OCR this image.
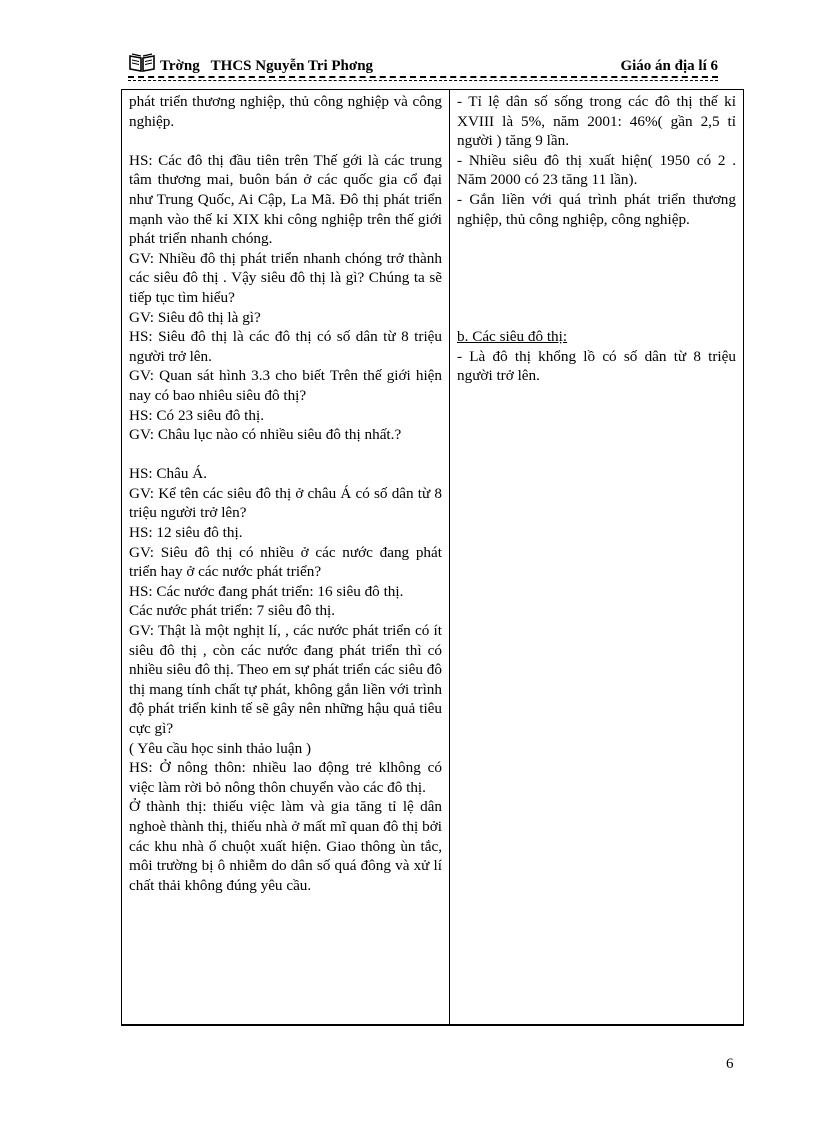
Trờng   THCS Nguyễn Tri Phơng	Giáo án địa lí 6

phát triển thương nghiệp, thủ công nghiệp và công nghiệp.

HS: Các đô thị đầu tiên trên Thế gới là các trung tâm thương mai, buôn bán ở các quốc gia cổ đại như Trung Quốc, Ai Cập, La Mã. Đô thị phát triển mạnh vào thế kỉ XIX khi công nghiệp trên thế giới phát triển nhanh chóng.

GV: Nhiều đô thị phát triển nhanh chóng trở thành các siêu đô thị . Vậy siêu đô thị là gì? Chúng ta sẽ tiếp tục tìm hiểu?

GV: Siêu đô thị là gì?

HS: Siêu đô thị là các đô thị có số dân từ 8 triệu người trở lên.

GV: Quan sát hình 3.3 cho biết Trên thế giới hiện nay có bao nhiêu siêu đô thị?

HS: Có 23 siêu đô thị.

GV: Châu lục nào có nhiều siêu đô thị nhất.?

HS: Châu Á.

GV: Kể tên các siêu đô thị ở châu Á có số dân từ 8 triệu người trở lên?

HS: 12 siêu đô thị.

GV: Siêu đô thị có nhiều ở các nước đang phát triển hay ở các nước phát triển?

HS: Các nước đang phát triển: 16 siêu đô thị.

Các nước phát triển: 7 siêu đô thị.

GV: Thật là một nghịt lí, , các nước phát triển có ít siêu đô thị , còn các nước đang phát triển thì có nhiều siêu đô thị. Theo em sự phát triển các siêu đô thị mang tính chất tự phát, không gắn liền với trình độ phát triển kinh tế sẽ gây nên những hậu quả tiêu cực gì?

( Yêu cầu học sinh thảo luận )

HS: Ở nông thôn: nhiều lao động trẻ klhông có việc làm rời bỏ nông thôn chuyển vào các đô thị.

Ở thành thị: thiếu việc làm và gia tăng tỉ lệ dân nghoè thành thị, thiếu nhà ở mất mĩ quan đô thị bởi các khu nhà ổ chuột xuất hiện. Giao thông ùn tắc, môi trường bị ô nhiễm do dân số quá đông và xử lí chất thải không đúng yêu cầu.

- Tỉ lệ dân số sống trong các đô thị thế kỉ XVIII là 5%, năm 2001: 46%( gần 2,5 tỉ người ) tăng 9 lần.

- Nhiều siêu đô thị xuất hiện( 1950 có 2 . Năm 2000 có 23 tăng 11 lần).

- Gắn liền với quá trình phát triển thương nghiệp, thủ công nghiệp, công nghiệp.

b. Các siêu đô thị:

- Là đô thị khổng lồ có số dân từ 8 triệu người trở lên.

6
